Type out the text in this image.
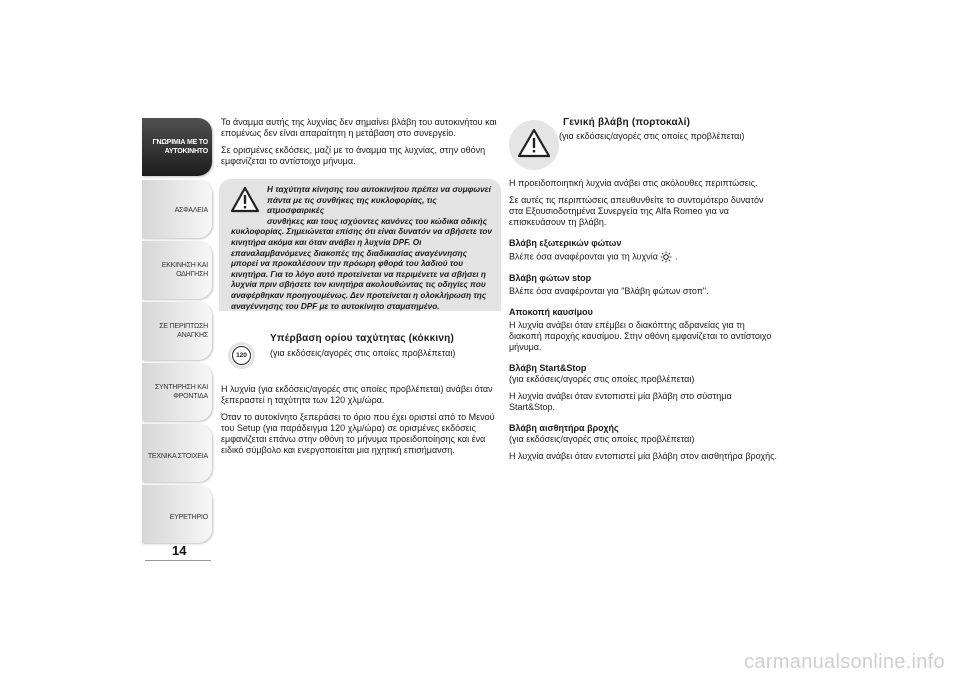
ΓΝΩΡΙΜΙΑ ΜΕ ΤΟ
ΑΥΤΟΚΙΝΗΤΟ
ΑΣΦΑΛΕΙΑ
ΕΚΚΙΝΗΣΗ ΚΑΙ
ΟΔΗΓΗΣΗ
ΣΕ ΠΕΡΙΠΤΩΣΗ
ΑΝΑΓΚΗΣ
ΣΥΝΤΗΡΗΣΗ ΚΑΙ
ΦΡΟΝΤΙΔΑ
ΤΕΧΝΙΚΑ ΣΤΟΙΧΕΙΑ
ΕΥΡΕΤΗΡΙΟ
14

Το άναμμα αυτής της λυχνίας δεν σημαίνει βλάβη του αυτοκινήτου και επομένως δεν είναι απαραίτητη η μετάβαση στο συνεργείο.

Σε ορισμένες εκδόσεις, μαζί με το άναμμα της λυχνίας, στην οθόνη εμφανίζεται το αντίστοιχο μήνυμα.

Η ταχύτητα κίνησης του αυτοκινήτου πρέπει να συμφωνεί
πάντα με τις συνθήκες της κυκλοφορίας, τις ατμοσφαιρικές
συνθήκες και τους ισχύοντες κανόνες του κώδικα οδικής
κυκλοφορίας. Σημειώνεται επίσης ότι είναι δυνατόν να σβήσετε τον κινητήρα ακόμα και όταν ανάβει η λυχνία DPF. Οι επαναλαμβανόμενες διακοπές της διαδικασίας αναγέννησης μπορεί να προκαλέσουν την πρόωρη φθορά του λαδιού του κινητήρα. Για το λόγο αυτό προτείνεται να περιμένετε να σβήσει η λυχνία πριν σβήσετε τον κινητήρα ακολουθώντας τις οδηγίες που αναφέρθηκαν προηγουμένως. Δεν προτείνεται η ολοκλήρωση της αναγέννησης του DPF με το αυτοκίνητο σταματημένο.
120
Υπέρβαση ορίου ταχύτητας (κόκκινη)
(για εκδόσεις/αγορές στις οποίες προβλέπεται)

Η λυχνία (για εκδόσεις/αγορές στις οποίες προβλέπεται) ανάβει όταν ξεπεραστεί η ταχύτητα των 120 χλμ/ώρα.

Όταν το αυτοκίνητο ξεπεράσει το όριο που έχει οριστεί από το Μενού του Setup (για παράδειγμα 120 χλμ/ώρα) σε ορισμένες εκδόσεις εμφανίζεται επάνω στην οθόνη το μήνυμα προειδοποίησης και ένα ειδικό σύμβολο και ενεργοποιείται μια ηχητική επισήμανση.

Γενική βλάβη (πορτοκαλί)
(για εκδόσεις/αγορές στις οποίες προβλέπεται)

Η προειδοποιητική λυχνία ανάβει στις ακόλουθες περιπτώσεις.

Σε αυτές τις περιπτώσεις απευθυνθείτε το συντομότερο δυνατόν στα Εξουσιοδοτημένα Συνεργεία της Alfa Romeo για να επισκευάσουν τη βλάβη.

Βλάβη εξωτερικών φώτων

Βλέπε όσα αναφέρονται για τη λυχνία  .

Βλάβη φώτων stop

Βλέπε όσα αναφέρονται για "Βλάβη φώτων στοπ".

Αποκοπή καυσίμου

Η λυχνία ανάβει όταν επέμβει ο διακόπτης αδρανείας για τη διακοπή παροχής καυσίμου. Στην οθόνη εμφανίζεται το αντίστοιχο μήνυμα.

Βλάβη Start&Stop
(για εκδόσεις/αγορές στις οποίες προβλέπεται)

Η λυχνία ανάβει όταν εντοπιστεί μία βλάβη στο σύστημα Start&Stop.

Βλάβη αισθητήρα βροχής
(για εκδόσεις/αγορές στις οποίες προβλέπεται)

Η λυχνία ανάβει όταν εντοπιστεί μία βλάβη στον αισθητήρα βροχής.

carmanualsonline.info
